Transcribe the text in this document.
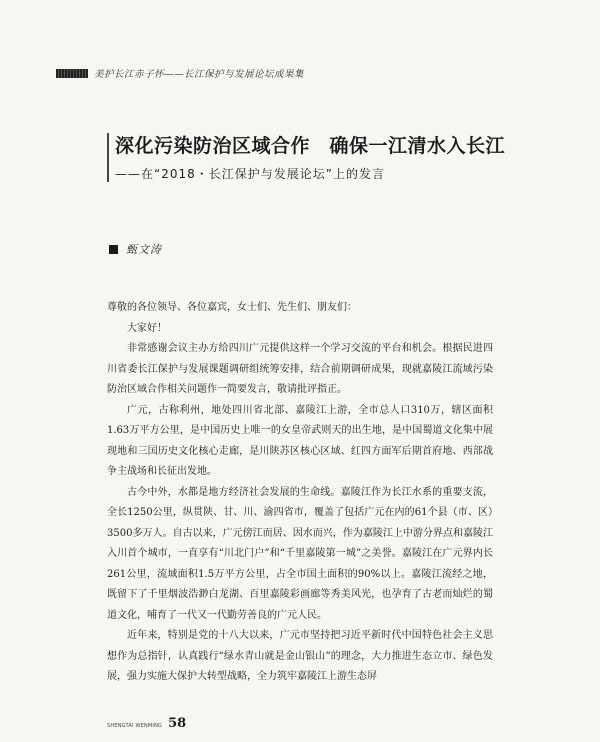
美护长江赤子怀——长江保护与发展论坛成果集
深化污染防治区域合作　确保一江清水入长江
——在“2018・长江保护与发展论坛”上的发言
甄文涛

尊敬的各位领导、各位嘉宾，女士们、先生们、朋友们：

大家好！

非常感谢会议主办方给四川广元提供这样一个学习交流的平台和机会。根据民进四川省委长江保护与发展课题调研组统筹安排，结合前期调研成果，现就嘉陵江流域污染防治区域合作相关问题作一简要发言，敬请批评指正。

广元，古称利州，地处四川省北部、嘉陵江上游，全市总人口310万，辖区面积1.63万平方公里，是中国历史上唯一的女皇帝武则天的出生地，是中国蜀道文化集中展现地和三国历史文化核心走廊，是川陕苏区核心区域、红四方面军后期首府地、西部战争主战场和长征出发地。

古今中外，水都是地方经济社会发展的生命线。嘉陵江作为长江水系的重要支流，全长1250公里，纵贯陕、甘、川、渝四省市，覆盖了包括广元在内的61个县（市、区）3500多万人。自古以来，广元傍江而居、因水而兴，作为嘉陵江上中游分界点和嘉陵江入川首个城市，一直享有“川北门户”和“千里嘉陵第一城”之美誉。嘉陵江在广元界内长261公里，流域面积1.5万平方公里，占全市国土面积的90%以上。嘉陵江流经之地，既留下了千里烟波浩渺白龙湖、百里嘉陵彩画廊等秀美风光，也孕育了古老而灿烂的蜀道文化，哺育了一代又一代勤劳善良的广元人民。

近年来，特别是党的十八大以来，广元市坚持把习近平新时代中国特色社会主义思想作为总指针，认真践行“绿水青山就是金山银山”的理念，大力推进生态立市、绿色发展，强力实施大保护大转型战略，全力筑牢嘉陵江上游生态屏

SHENGTAI WENMING 58
